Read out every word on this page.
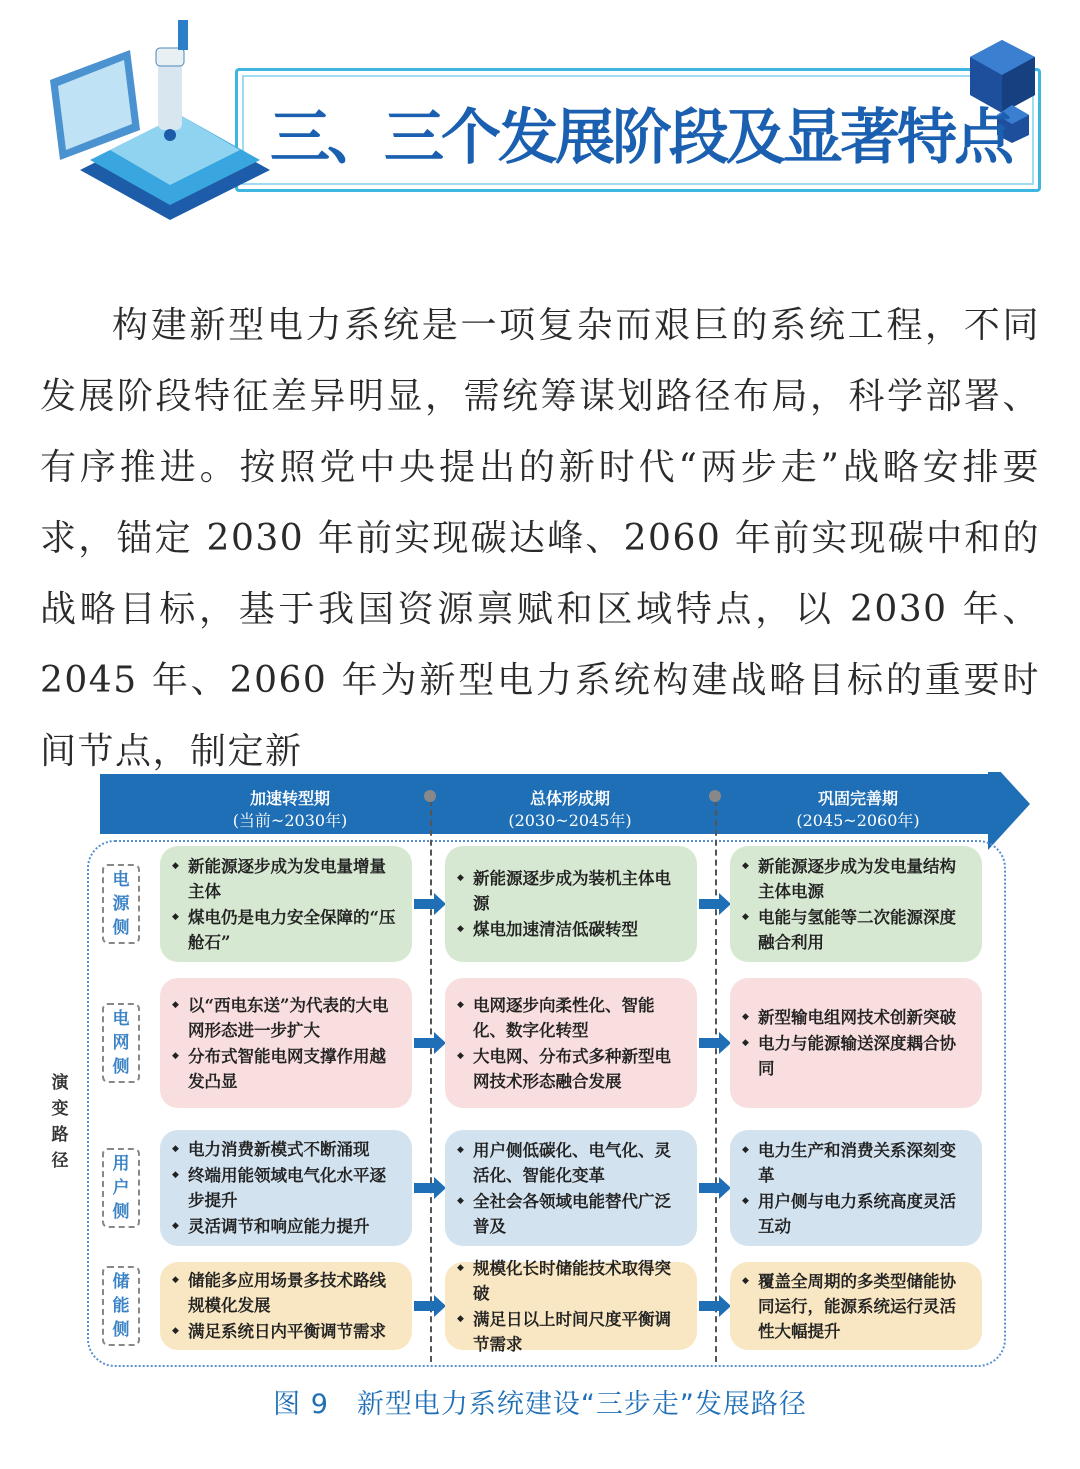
三、三个发展阶段及显著特点

构建新型电力系统是一项复杂而艰巨的系统工程，不同发展阶段特征差异明显，需统筹谋划路径布局，科学部署、有序推进。按照党中央提出的新时代“两步走”战略安排要求，锚定 2030 年前实现碳达峰、2060 年前实现碳中和的战略目标，基于我国资源禀赋和区域特点，以 2030 年、2045 年、2060 年为新型电力系统构建战略目标的重要时间节点，制定新

加速转型期
(当前~2030年)
总体形成期
(2030~2045年)
巩固完善期
(2045~2060年)
演变路径
图 9　新型电力系统建设“三步走”发展路径
电
源
侧
◆ 新能源逐步成为发电量增量主体
◆ 煤电仍是电力安全保障的“压舱石”
◆ 新能源逐步成为装机主体电源
◆ 煤电加速清洁低碳转型
◆ 新能源逐步成为发电量结构主体电源
◆ 电能与氢能等二次能源深度融合利用
电
网
侧
◆ 以“西电东送”为代表的大电网形态进一步扩大
◆ 分布式智能电网支撑作用越发凸显
◆ 电网逐步向柔性化、智能化、数字化转型
◆ 大电网、分布式多种新型电网技术形态融合发展
◆ 新型输电组网技术创新突破
◆ 电力与能源输送深度耦合协同
用
户
侧
◆ 电力消费新模式不断涌现
◆ 终端用能领域电气化水平逐步提升
◆ 灵活调节和响应能力提升
◆ 用户侧低碳化、电气化、灵活化、智能化变革
◆ 全社会各领域电能替代广泛普及
◆ 电力生产和消费关系深刻变革
◆ 用户侧与电力系统高度灵活互动
储
能
侧
◆ 储能多应用场景多技术路线规模化发展
◆ 满足系统日内平衡调节需求
◆ 规模化长时储能技术取得突破
◆ 满足日以上时间尺度平衡调节需求
◆ 覆盖全周期的多类型储能协同运行，能源系统运行灵活性大幅提升
